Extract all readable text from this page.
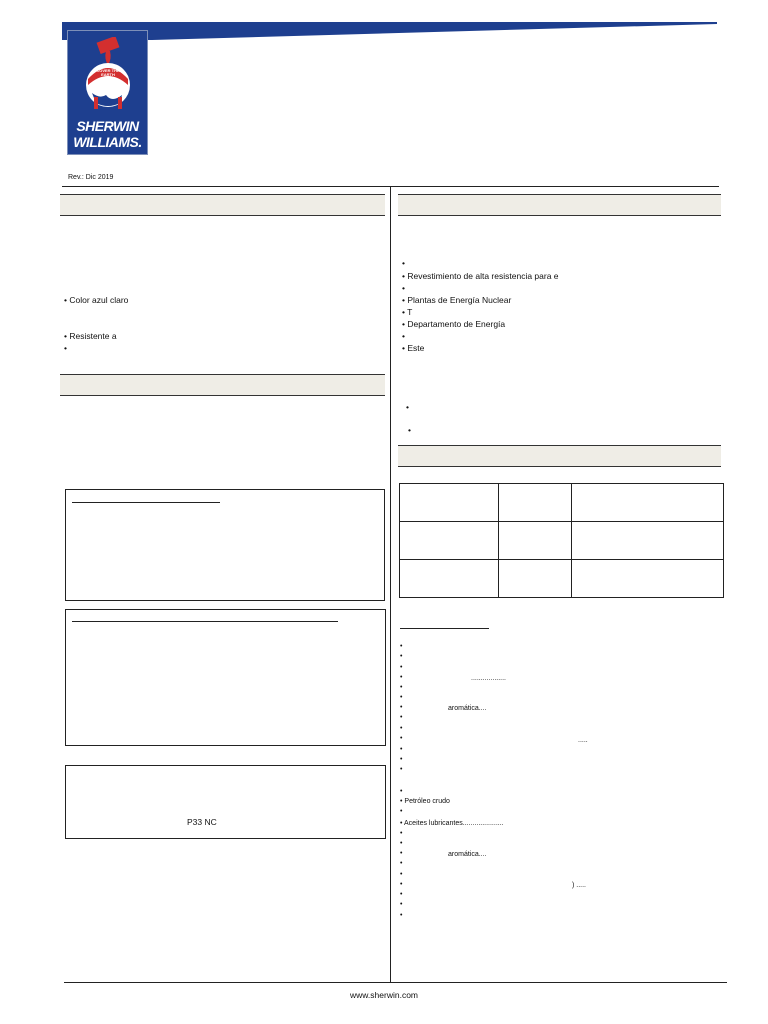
COVER THE EARTH
SHERWIN
WILLIAMS.
Rev.: Dic 2019
• Color azul claro
• Resistente a
•
P33 NC
•
• Revestimiento de alta resistencia para e
•
• Plantas de Energía Nuclear
• T
• Departamento de Energía
•
• Este
•
•

•
•
•
•
•
•
•
•
•
•
•
•
•
..................
aromática....
.....
•
•
•
•
•
•
•
•
•
•
•
• Petróleo crudo
• Aceites lubricantes.....................
aromática....
) .....
www.sherwin.com
